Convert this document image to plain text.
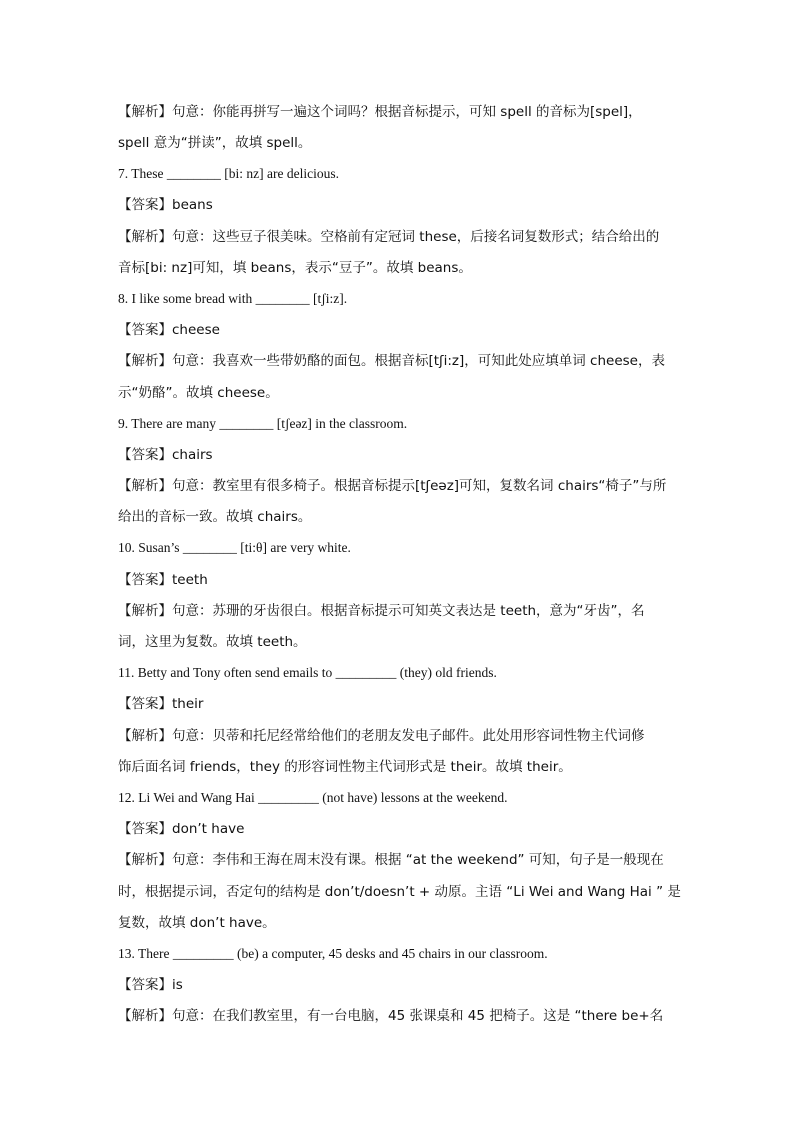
【解析】句意：你能再拼写一遍这个词吗？根据音标提示，可知 spell 的音标为[spel]，
spell 意为“拼读”，故填 spell。
7. These ________ [bi: nz] are delicious.
【答案】beans
【解析】句意：这些豆子很美味。空格前有定冠词 these，后接名词复数形式；结合给出的
音标[bi: nz]可知，填 beans，表示“豆子”。故填 beans。
8. I like some bread with ________ [tʃi:z].
【答案】cheese
【解析】句意：我喜欢一些带奶酪的面包。根据音标[tʃi:z]，可知此处应填单词 cheese，表
示“奶酪”。故填 cheese。
9. There are many ________ [tʃeəz] in the classroom.
【答案】chairs
【解析】句意：教室里有很多椅子。根据音标提示[tʃeəz]可知，复数名词 chairs“椅子”与所
给出的音标一致。故填 chairs。
10. Susan’s ________ [ti:θ] are very white.
【答案】teeth
【解析】句意：苏珊的牙齿很白。根据音标提示可知英文表达是 teeth，意为“牙齿”，名
词，这里为复数。故填 teeth。
11. Betty and Tony often send emails to _________ (they) old friends.
【答案】their
【解析】句意：贝蒂和托尼经常给他们的老朋友发电子邮件。此处用形容词性物主代词修
饰后面名词 friends，they 的形容词性物主代词形式是 their。故填 their。
12. Li Wei and Wang Hai _________ (not have) lessons at the weekend.
【答案】don’t have
【解析】句意：李伟和王海在周末没有课。根据 “at the weekend” 可知，句子是一般现在
时，根据提示词，否定句的结构是 don’t/doesn’t + 动原。主语 “Li Wei and Wang Hai ” 是
复数，故填 don’t have。
13. There _________ (be) a computer, 45 desks and 45 chairs in our classroom.
【答案】is
【解析】句意：在我们教室里，有一台电脑，45 张课桌和 45 把椅子。这是 “there be+名
